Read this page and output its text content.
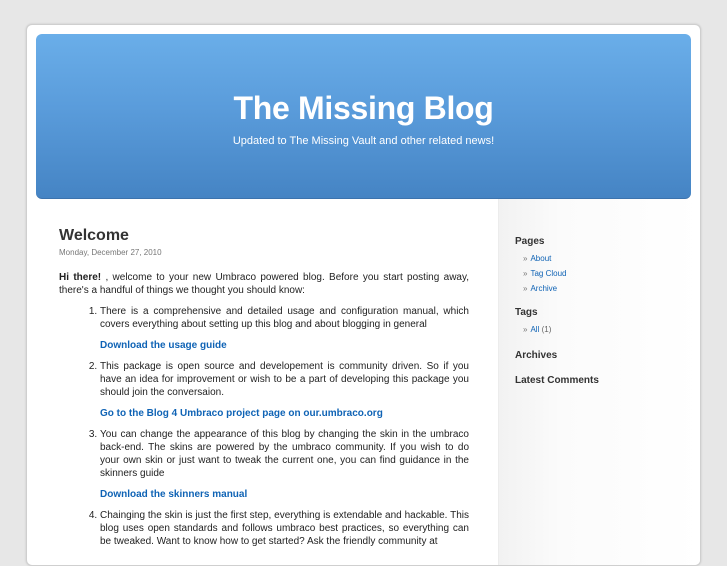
The Missing Blog
Updated to The Missing Vault and other related news!
Welcome
Monday, December 27, 2010

Hi there! , welcome to your new Umbraco powered blog. Before you start posting away, there's a handful of things we thought you should know:

1. There is a comprehensive and detailed usage and configuration manual, which covers everything about setting up this blog and about blogging in general

Download the usage guide

2. This package is open source and developement is community driven. So if you have an idea for improvement or wish to be a part of developing this package you should join the conversaion.

Go to the Blog 4 Umbraco project page on our.umbraco.org

3. You can change the appearance of this blog by changing the skin in the umbraco back-end. The skins are powered by the umbraco community. If you wish to do your own skin or just want to tweak the current one, you can find guidance in the skinners guide

Download the skinners manual

4. Chainging the skin is just the first step, everything is extendable and hackable. This blog uses open standards and follows umbraco best practices, so everything can be tweaked. Want to know how to get started? Ask the friendly community at

Pages
» About
» Tag Cloud
» Archive
Tags
» All (1)
Archives
Latest Comments
